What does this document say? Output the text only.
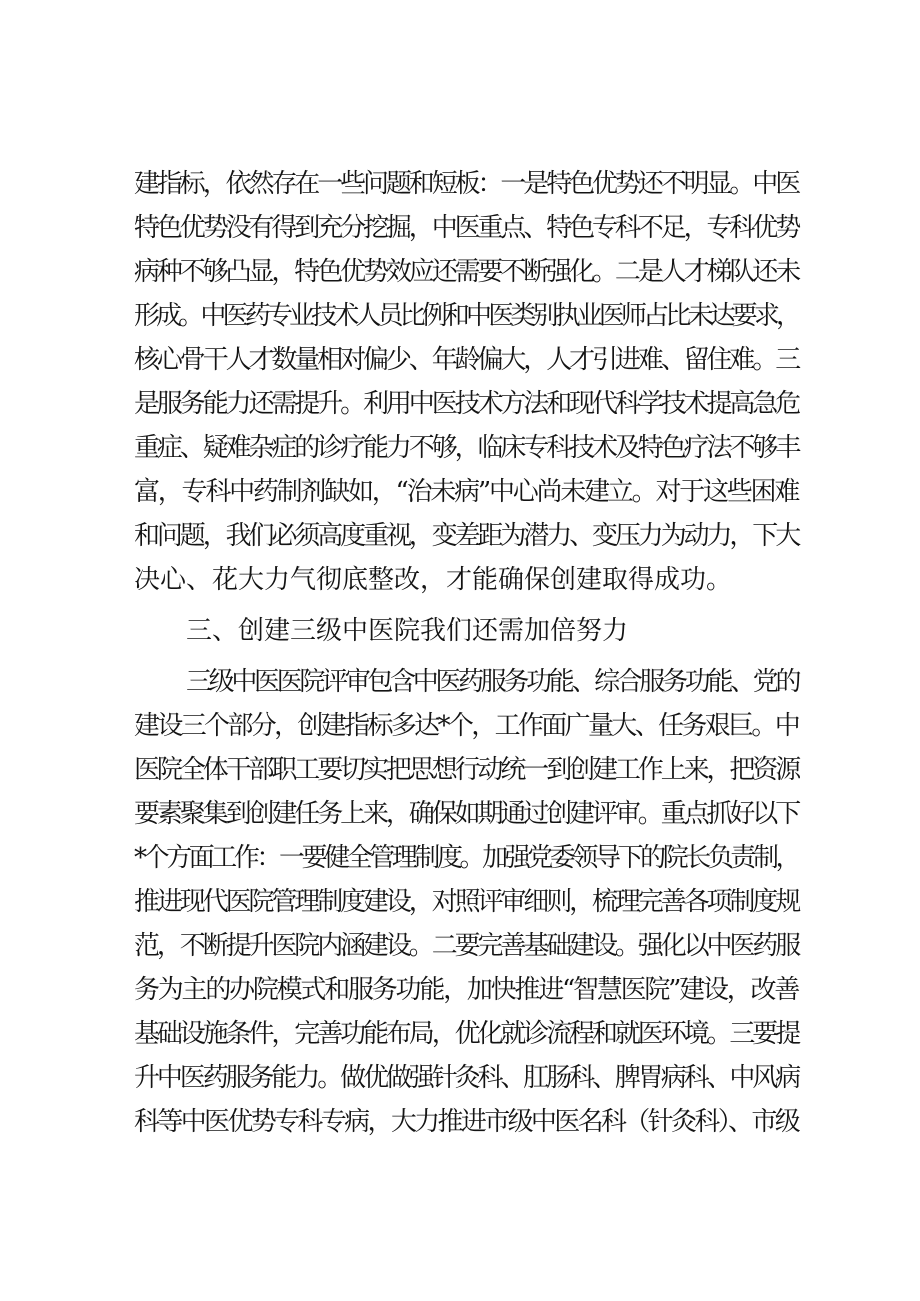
建指标，依然存在一些问题和短板：一是特色优势还不明显。中医
特色优势没有得到充分挖掘，中医重点、特色专科不足，专科优势
病种不够凸显，特色优势效应还需要不断强化。二是人才梯队还未
形成。中医药专业技术人员比例和中医类别执业医师占比未达要求，
核心骨干人才数量相对偏少、年龄偏大，人才引进难、留住难。三
是服务能力还需提升。利用中医技术方法和现代科学技术提高急危
重症、疑难杂症的诊疗能力不够，临床专科技术及特色疗法不够丰
富，专科中药制剂缺如，“治未病”中心尚未建立。对于这些困难
和问题，我们必须高度重视，变差距为潜力、变压力为动力，下大
决心、花大力气彻底整改，才能确保创建取得成功。
三、创建三级中医院我们还需加倍努力
三级中医医院评审包含中医药服务功能、综合服务功能、党的
建设三个部分，创建指标多达*个，工作面广量大、任务艰巨。中
医院全体干部职工要切实把思想行动统一到创建工作上来，把资源
要素聚集到创建任务上来，确保如期通过创建评审。重点抓好以下
*个方面工作：一要健全管理制度。加强党委领导下的院长负责制，
推进现代医院管理制度建设，对照评审细则，梳理完善各项制度规
范，不断提升医院内涵建设。二要完善基础建设。强化以中医药服
务为主的办院模式和服务功能，加快推进“智慧医院”建设，改善
基础设施条件，完善功能布局，优化就诊流程和就医环境。三要提
升中医药服务能力。做优做强针灸科、肛肠科、脾胃病科、中风病
科等中医优势专科专病，大力推进市级中医名科（针灸科）、市级
